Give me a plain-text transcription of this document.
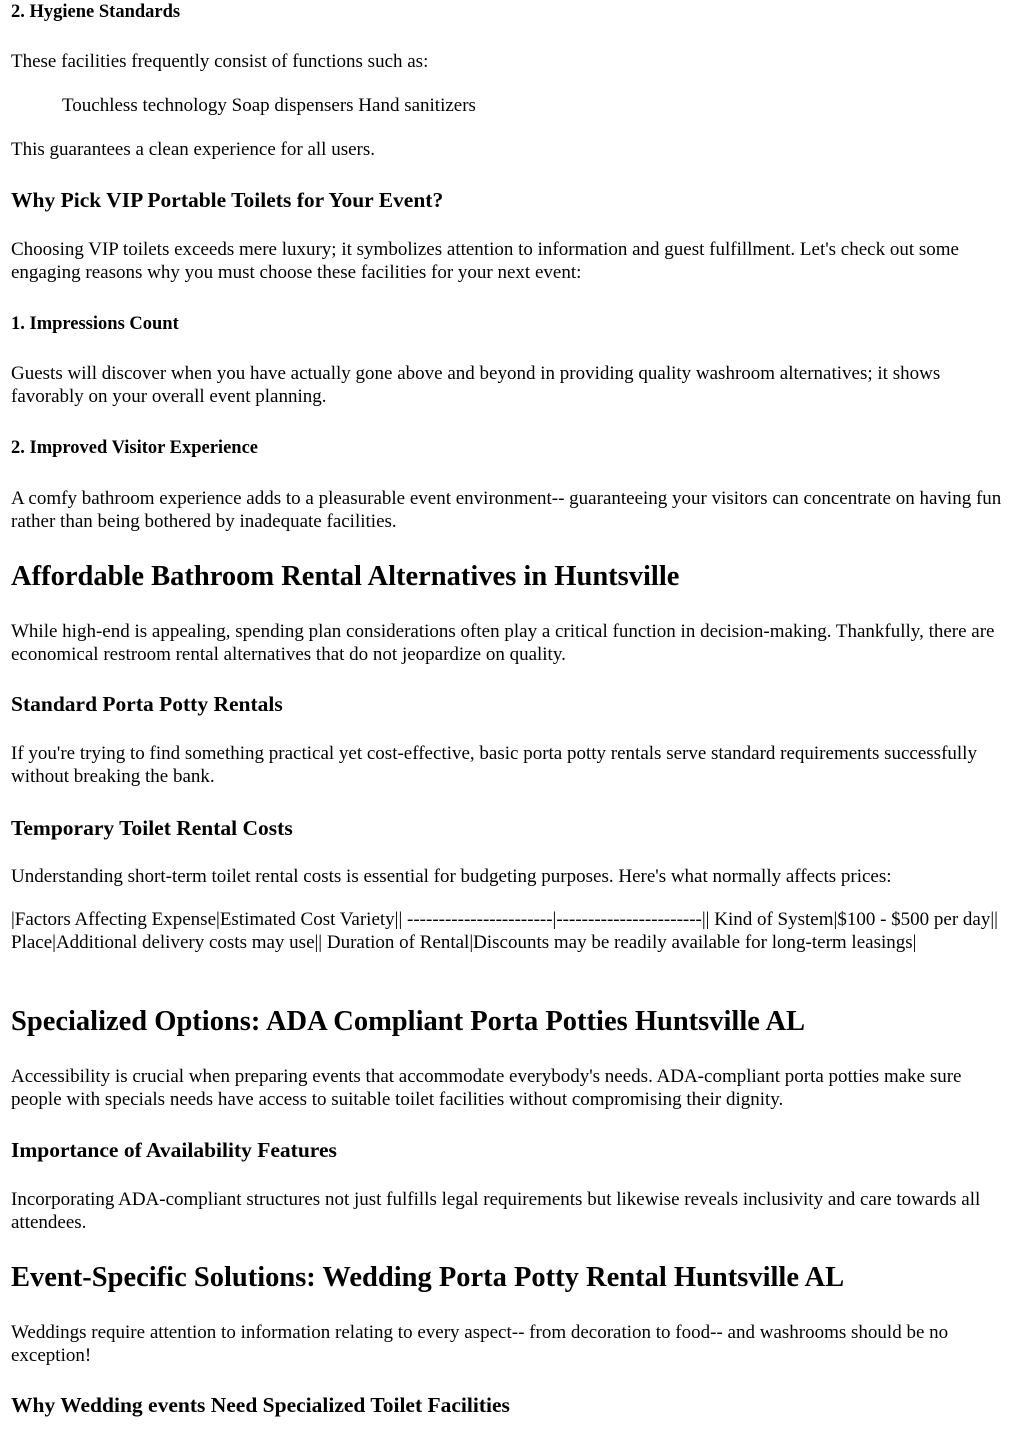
2. Hygiene Standards
These facilities frequently consist of functions such as:
Touchless technology Soap dispensers Hand sanitizers
This guarantees a clean experience for all users.
Why Pick VIP Portable Toilets for Your Event?
Choosing VIP toilets exceeds mere luxury; it symbolizes attention to information and guest fulfillment. Let's check out some engaging reasons why you must choose these facilities for your next event:
1. Impressions Count
Guests will discover when you have actually gone above and beyond in providing quality washroom alternatives; it shows favorably on your overall event planning.
2. Improved Visitor Experience
A comfy bathroom experience adds to a pleasurable event environment-- guaranteeing your visitors can concentrate on having fun rather than being bothered by inadequate facilities.
Affordable Bathroom Rental Alternatives in Huntsville
While high-end is appealing, spending plan considerations often play a critical function in decision-making. Thankfully, there are economical restroom rental alternatives that do not jeopardize on quality.
Standard Porta Potty Rentals
If you're trying to find something practical yet cost-effective, basic porta potty rentals serve standard requirements successfully without breaking the bank.
Temporary Toilet Rental Costs
Understanding short-term toilet rental costs is essential for budgeting purposes. Here's what normally affects prices:
|Factors Affecting Expense|Estimated Cost Variety|| -----------------------|-----------------------|| Kind of System|$100 - $500 per day|| Place|Additional delivery costs may use|| Duration of Rental|Discounts may be readily available for long-term leasings|
Specialized Options: ADA Compliant Porta Potties Huntsville AL
Accessibility is crucial when preparing events that accommodate everybody's needs. ADA-compliant porta potties make sure people with specials needs have access to suitable toilet facilities without compromising their dignity.
Importance of Availability Features
Incorporating ADA-compliant structures not just fulfills legal requirements but likewise reveals inclusivity and care towards all attendees.
Event-Specific Solutions: Wedding Porta Potty Rental Huntsville AL
Weddings require attention to information relating to every aspect-- from decoration to food-- and washrooms should be no exception!
Why Wedding events Need Specialized Toilet Facilities
